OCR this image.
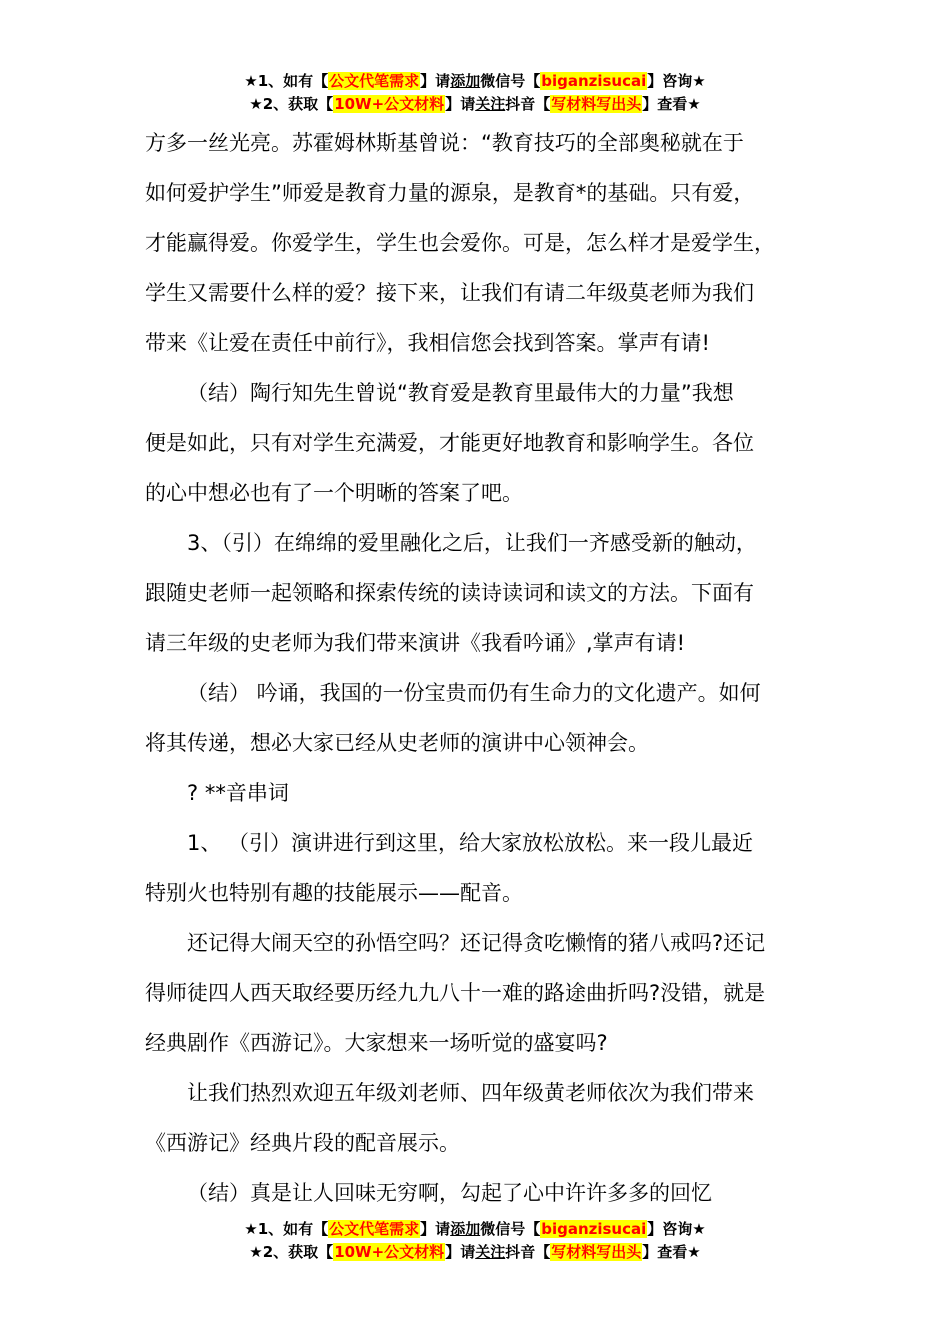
★1、如有【公文代笔需求】请添加微信号【biganzisucai】咨询★
★2、获取【10W+公文材料】请关注抖音【写材料写出头】查看★

方多一丝光亮。苏霍姆林斯基曾说：“教育技巧的全部奥秘就在于

如何爱护学生”师爱是教育力量的源泉，是教育*的基础。只有爱，

才能赢得爱。你爱学生，学生也会爱你。可是，怎么样才是爱学生，

学生又需要什么样的爱？接下来，让我们有请二年级莫老师为我们

带来《让爱在责任中前行》，我相信您会找到答案。掌声有请!

（结）陶行知先生曾说“教育爱是教育里最伟大的力量”我想

便是如此，只有对学生充满爱，才能更好地教育和影响学生。各位

的心中想必也有了一个明晰的答案了吧。

3、（引）在绵绵的爱里融化之后，让我们一齐感受新的触动，

跟随史老师一起领略和探索传统的读诗读词和读文的方法。下面有

请三年级的史老师为我们带来演讲《我看吟诵》,掌声有请!

（结） 吟诵，我国的一份宝贵而仍有生命力的文化遗产。如何

将其传递，想必大家已经从史老师的演讲中心领神会。

? **音串词

1、 （引）演讲进行到这里，给大家放松放松。来一段儿最近

特别火也特别有趣的技能展示——配音。

还记得大闹天空的孙悟空吗？还记得贪吃懒惰的猪八戒吗?还记

得师徒四人西天取经要历经九九八十一难的路途曲折吗?没错，就是

经典剧作《西游记》。大家想来一场听觉的盛宴吗?

让我们热烈欢迎五年级刘老师、四年级黄老师依次为我们带来

《西游记》经典片段的配音展示。

（结）真是让人回味无穷啊，勾起了心中许许多多的回忆

★1、如有【公文代笔需求】请添加微信号【biganzisucai】咨询★
★2、获取【10W+公文材料】请关注抖音【写材料写出头】查看★
